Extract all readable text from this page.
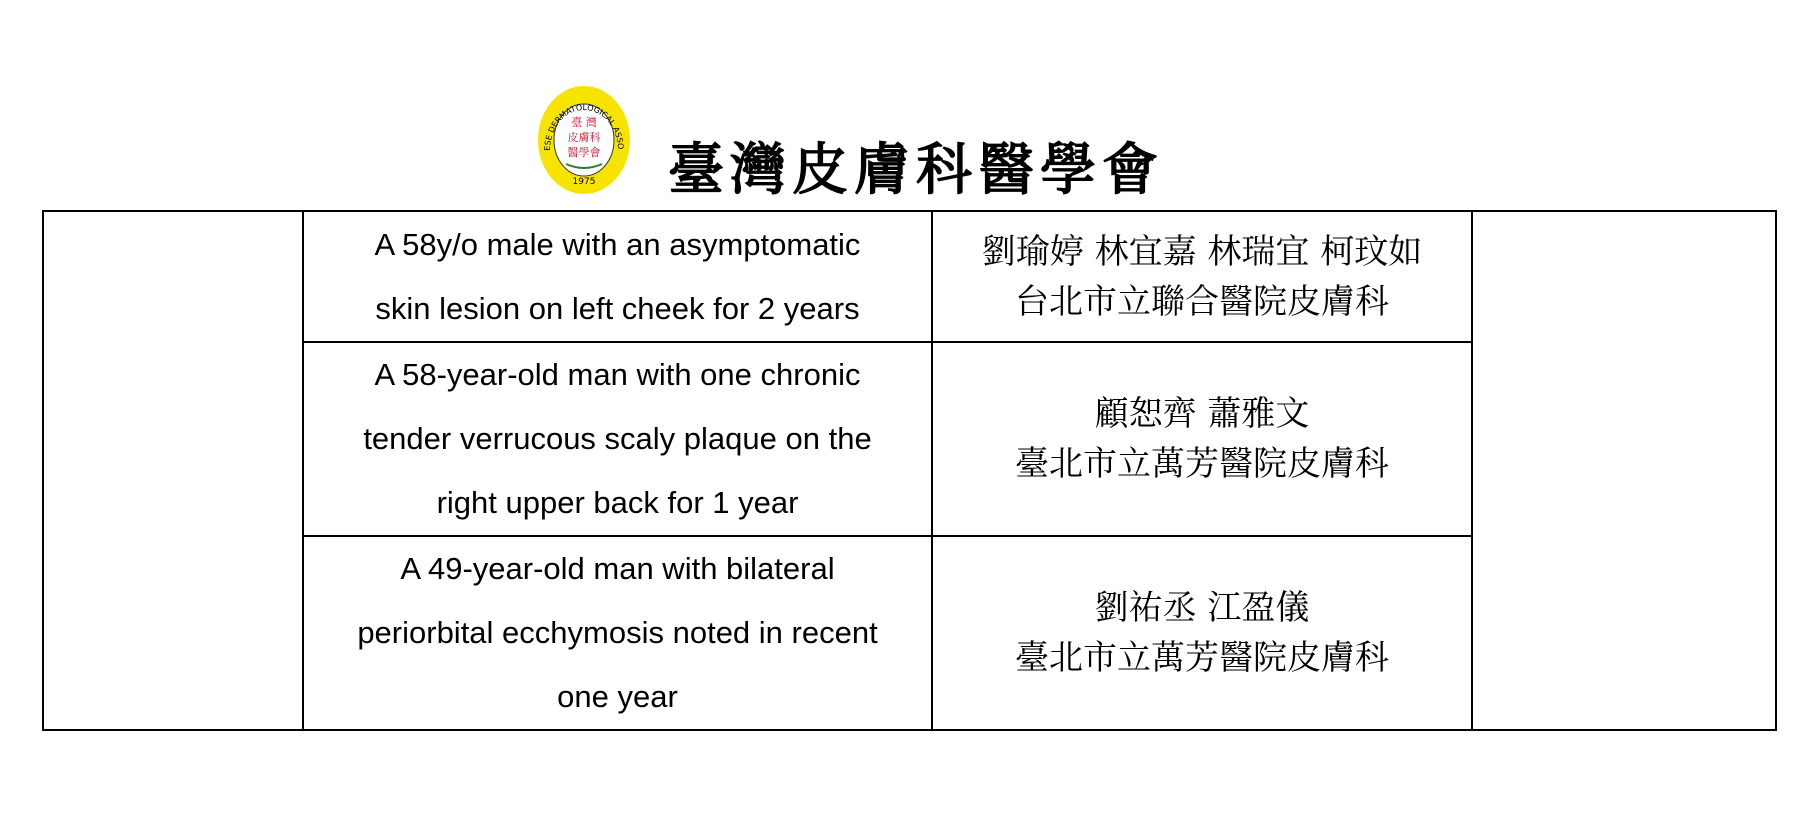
ESE DERMATOLOGICAL ASSO
臺 灣
皮膚科
醫學會
1975 臺灣皮膚科醫學會

	A 58y/o male with an asymptomatic
skin lesion on left cheek for 2 years	劉瑜婷 林宜嘉 林瑞宜 柯玟如
台北市立聯合醫院皮膚科	

	A 58-year-old man with one chronic
tender verrucous scaly plaque on the
right upper back for 1 year	顧恕齊 蕭雅文
臺北市立萬芳醫院皮膚科	

	A 49-year-old man with bilateral
periorbital ecchymosis noted in recent
one year	劉祐丞 江盈儀
臺北市立萬芳醫院皮膚科	
